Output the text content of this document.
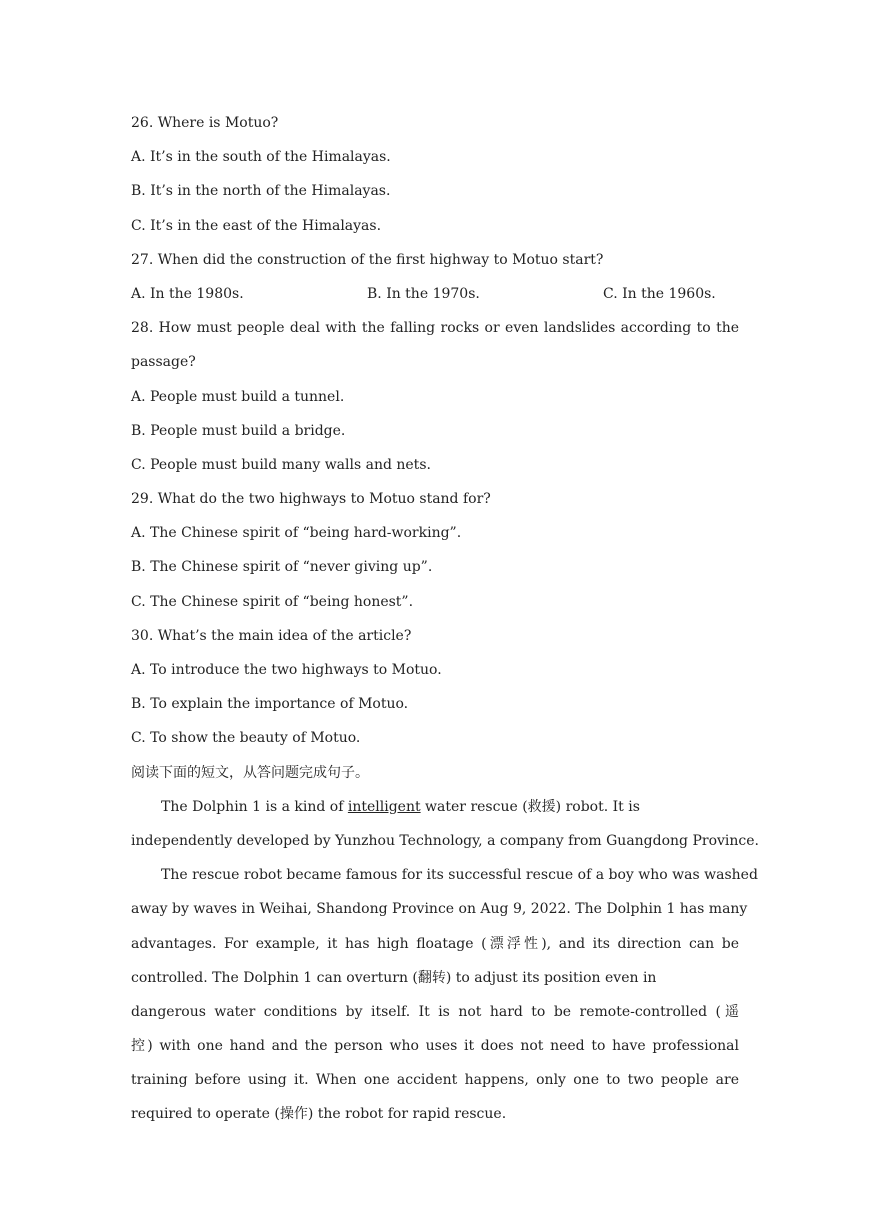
26. Where is Motuo?
A. It’s in the south of the Himalayas.
B. It’s in the north of the Himalayas.
C. It’s in the east of the Himalayas.
27. When did the construction of the first highway to Motuo start?
A. In the 1980s.	B. In the 1970s.	C. In the 1960s.
28. How must people deal with the falling rocks or even landslides according to the
passage?
A. People must build a tunnel.
B. People must build a bridge.
C. People must build many walls and nets.
29. What do the two highways to Motuo stand for?
A. The Chinese spirit of “being hard-working”.
B. The Chinese spirit of “never giving up”.
C. The Chinese spirit of “being honest”.
30. What’s the main idea of the article?
A. To introduce the two highways to Motuo.
B. To explain the importance of Motuo.
C. To show the beauty of Motuo.
阅读下面的短文，从答问题完成句子。
The Dolphin 1 is a kind of intelligent water rescue (救援) robot. It is
independently developed by Yunzhou Technology, a company from Guangdong Province.
The rescue robot became famous for its successful rescue of a boy who was washed
away by waves in Weihai, Shandong Province on Aug 9, 2022. The Dolphin 1 has many
advantages. For example, it has high floatage (漂浮性), and its direction can be
controlled. The Dolphin 1 can overturn (翻转) to adjust its position even in
dangerous water conditions by itself. It is not hard to be remote-controlled (遥
控) with one hand and the person who uses it does not need to have professional
training before using it. When one accident happens, only one to two people are
required to operate (操作) the robot for rapid rescue.
